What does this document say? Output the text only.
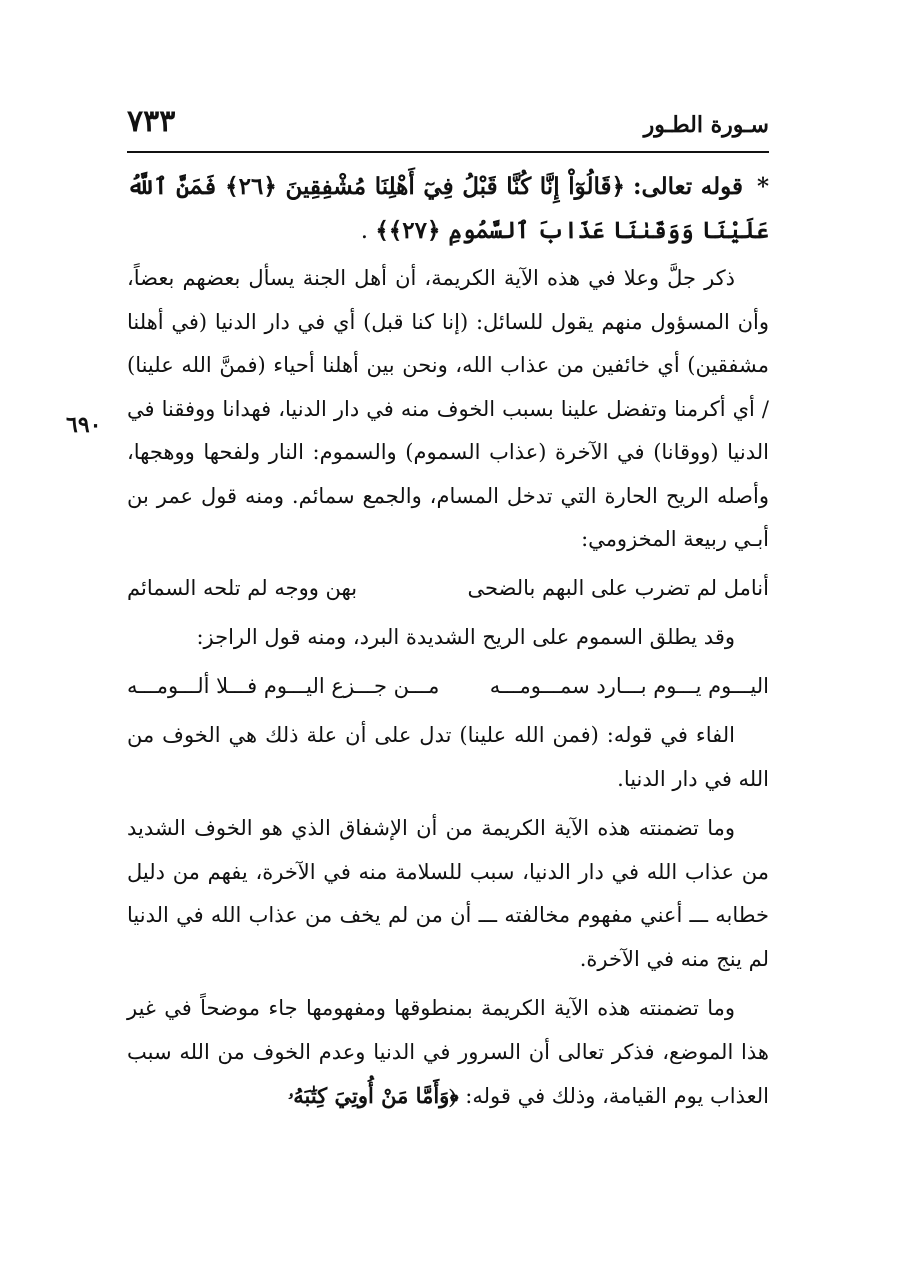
سـورة الطـور
٧٣٣
٦٩٠
* قوله تعالى: ﴿قَالُوٓاْ إِنَّا كُنَّا قَبْلُ فِيٓ أَهْلِنَا مُشْفِقِينَ ﴿٢٦﴾ فَمَنَّ ٱللَّهُ عَلَيْنَا وَوَقَىٰنَا عَذَابَ ٱلسَّمُومِ ﴿٢٧﴾﴾ .

ذكر جلَّ وعلا في هذه الآية الكريمة، أن أهل الجنة يسأل بعضهم بعضاً، وأن المسؤول منهم يقول للسائل: (إنا كنا قبل) أي في دار الدنيا (في أهلنا مشفقين) أي خائفين من عذاب الله، ونحن بين أهلنا أحياء (فمنَّ الله علينا) / أي أكرمنا وتفضل علينا بسبب الخوف منه في دار الدنيا، فهدانا ووفقنا في الدنيا (ووقانا) في الآخرة (عذاب السموم) والسموم: النار ولفحها ووهجها، وأصله الريح الحارة التي تدخل المسام، والجمع سمائم. ومنه قول عمر بن أبـي ربيعة المخزومي:

أنامل لم تضرب على البهم بالضحى
بهن ووجه لم تلحه السمائم

وقد يطلق السموم على الريح الشديدة البرد، ومنه قول الراجز:

اليـــوم يـــوم بـــارد سمـــومـــه
مـــن جـــزع اليـــوم فـــلا ألـــومـــه

الفاء في قوله: (فمن الله علينا) تدل على أن علة ذلك هي الخوف من الله في دار الدنيا.

وما تضمنته هذه الآية الكريمة من أن الإشفاق الذي هو الخوف الشديد من عذاب الله في دار الدنيا، سبب للسلامة منه في الآخرة، يفهم من دليل خطابه ـــ أعني مفهوم مخالفته ـــ أن من لم يخف من عذاب الله في الدنيا لم ينج منه في الآخرة.

وما تضمنته هذه الآية الكريمة بمنطوقها ومفهومها جاء موضحاً في غير هذا الموضع، فذكر تعالى أن السرور في الدنيا وعدم الخوف من الله سبب العذاب يوم القيامة، وذلك في قوله: ﴿وَأَمَّا مَنْ أُوتِيَ كِتَٰبَهُۥ
